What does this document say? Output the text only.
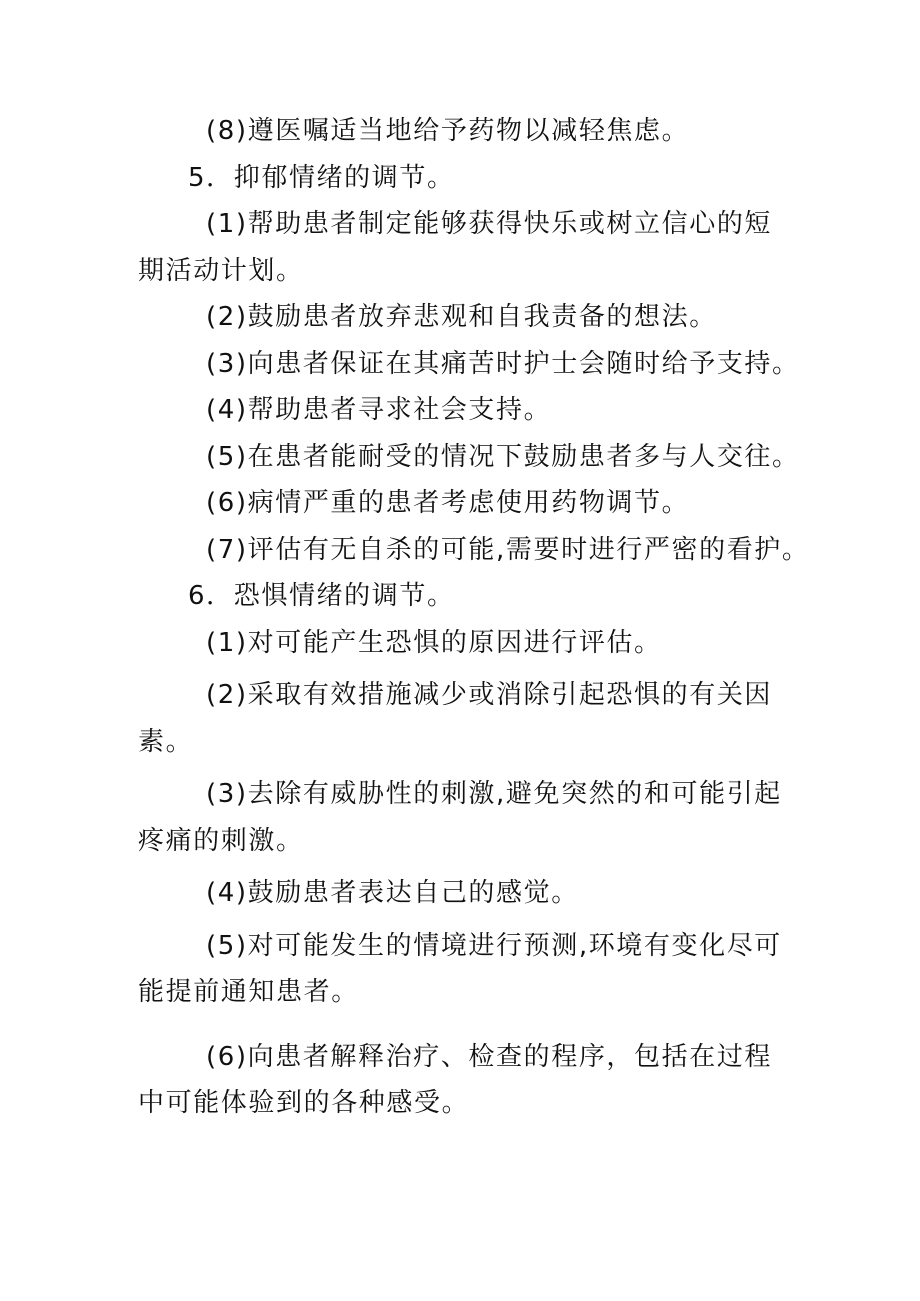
(8)遵医嘱适当地给予药物以减轻焦虑。
5．抑郁情绪的调节。
(1)帮助患者制定能够获得快乐或树立信心的短
期活动计划。
(2)鼓励患者放弃悲观和自我责备的想法。
(3)向患者保证在其痛苦时护士会随时给予支持。
(4)帮助患者寻求社会支持。
(5)在患者能耐受的情况下鼓励患者多与人交往。
(6)病情严重的患者考虑使用药物调节。
(7)评估有无自杀的可能,需要时进行严密的看护。
6．恐惧情绪的调节。
(1)对可能产生恐惧的原因进行评估。
(2)采取有效措施减少或消除引起恐惧的有关因
素。
(3)去除有威胁性的刺激,避免突然的和可能引起
疼痛的刺激。
(4)鼓励患者表达自己的感觉。
(5)对可能发生的情境进行预测,环境有变化尽可
能提前通知患者。
(6)向患者解释治疗、检查的程序，包括在过程
中可能体验到的各种感受。
